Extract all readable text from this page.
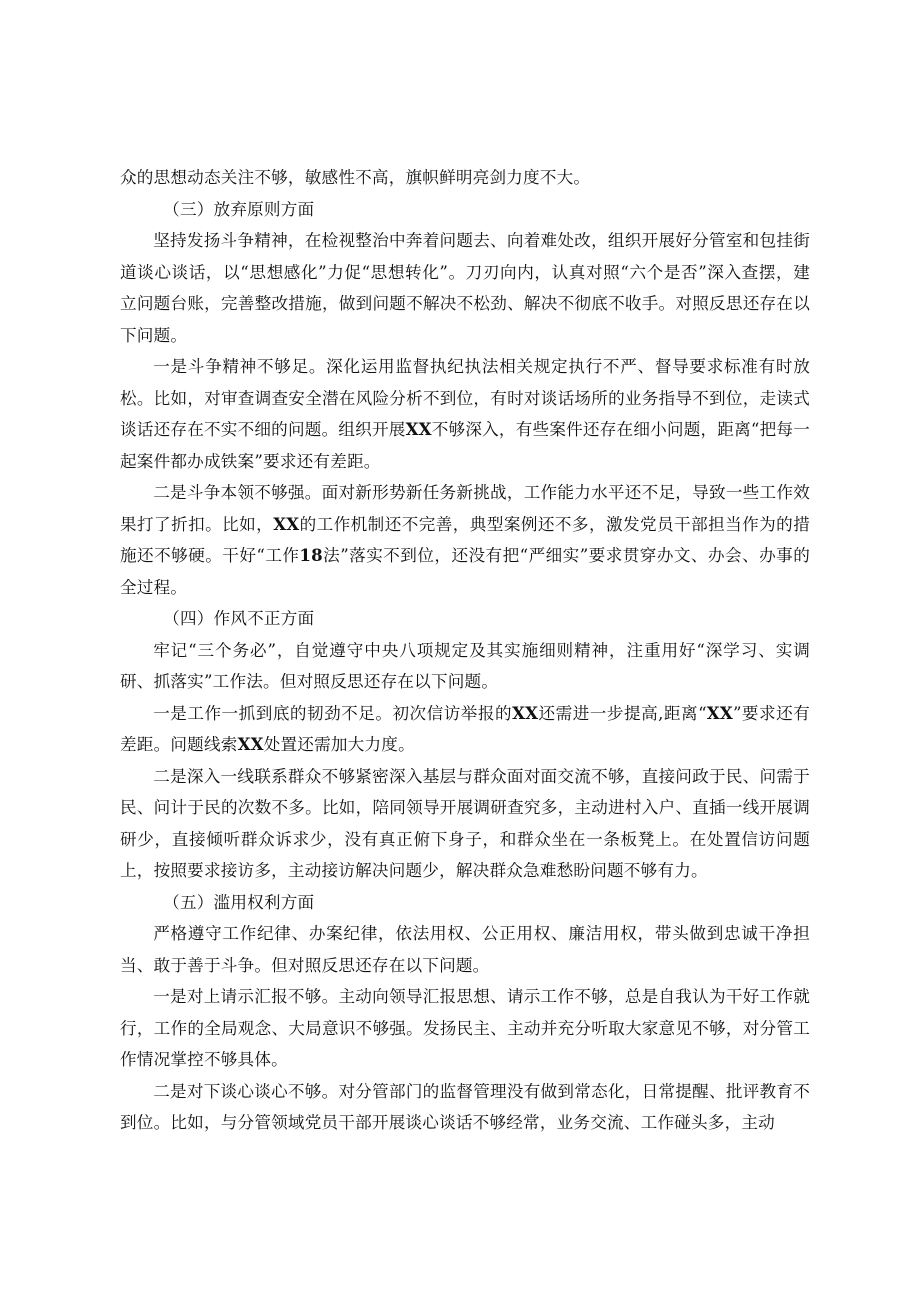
众的思想动态关注不够，敏感性不高，旗帜鲜明亮剑力度不大。

（三）放弃原则方面

坚持发扬斗争精神，在检视整治中奔着问题去、向着难处改，组织开展好分管室和包挂街道谈心谈话，以“思想感化”力促“思想转化”。刀刃向内，认真对照“六个是否”深入查摆，建立问题台账，完善整改措施，做到问题不解决不松劲、解决不彻底不收手。对照反思还存在以下问题。

一是斗争精神不够足。深化运用监督执纪执法相关规定执行不严、督导要求标准有时放松。比如，对审查调查安全潜在风险分析不到位，有时对谈话场所的业务指导不到位，走读式谈话还存在不实不细的问题。组织开展XX不够深入，有些案件还存在细小问题，距离“把每一起案件都办成铁案”要求还有差距。

二是斗争本领不够强。面对新形势新任务新挑战，工作能力水平还不足，导致一些工作效果打了折扣。比如，XX的工作机制还不完善，典型案例还不多，激发党员干部担当作为的措施还不够硬。干好“工作18法”落实不到位，还没有把“严细实”要求贯穿办文、办会、办事的全过程。

（四）作风不正方面

牢记“三个务必”，自觉遵守中央八项规定及其实施细则精神，注重用好“深学习、实调研、抓落实”工作法。但对照反思还存在以下问题。

一是工作一抓到底的韧劲不足。初次信访举报的XX还需进一步提高,距离“XX”要求还有差距。问题线索XX处置还需加大力度。

二是深入一线联系群众不够紧密深入基层与群众面对面交流不够，直接问政于民、问需于民、问计于民的次数不多。比如，陪同领导开展调研查究多，主动进村入户、直插一线开展调研少，直接倾听群众诉求少，没有真正俯下身子，和群众坐在一条板凳上。在处置信访问题上，按照要求接访多，主动接访解决问题少，解决群众急难愁盼问题不够有力。

（五）滥用权利方面

严格遵守工作纪律、办案纪律，依法用权、公正用权、廉洁用权，带头做到忠诚干净担当、敢于善于斗争。但对照反思还存在以下问题。

一是对上请示汇报不够。主动向领导汇报思想、请示工作不够，总是自我认为干好工作就行，工作的全局观念、大局意识不够强。发扬民主、主动并充分听取大家意见不够，对分管工作情况掌控不够具体。

二是对下谈心谈心不够。对分管部门的监督管理没有做到常态化，日常提醒、批评教育不到位。比如，与分管领域党员干部开展谈心谈话不够经常，业务交流、工作碰头多，主动
